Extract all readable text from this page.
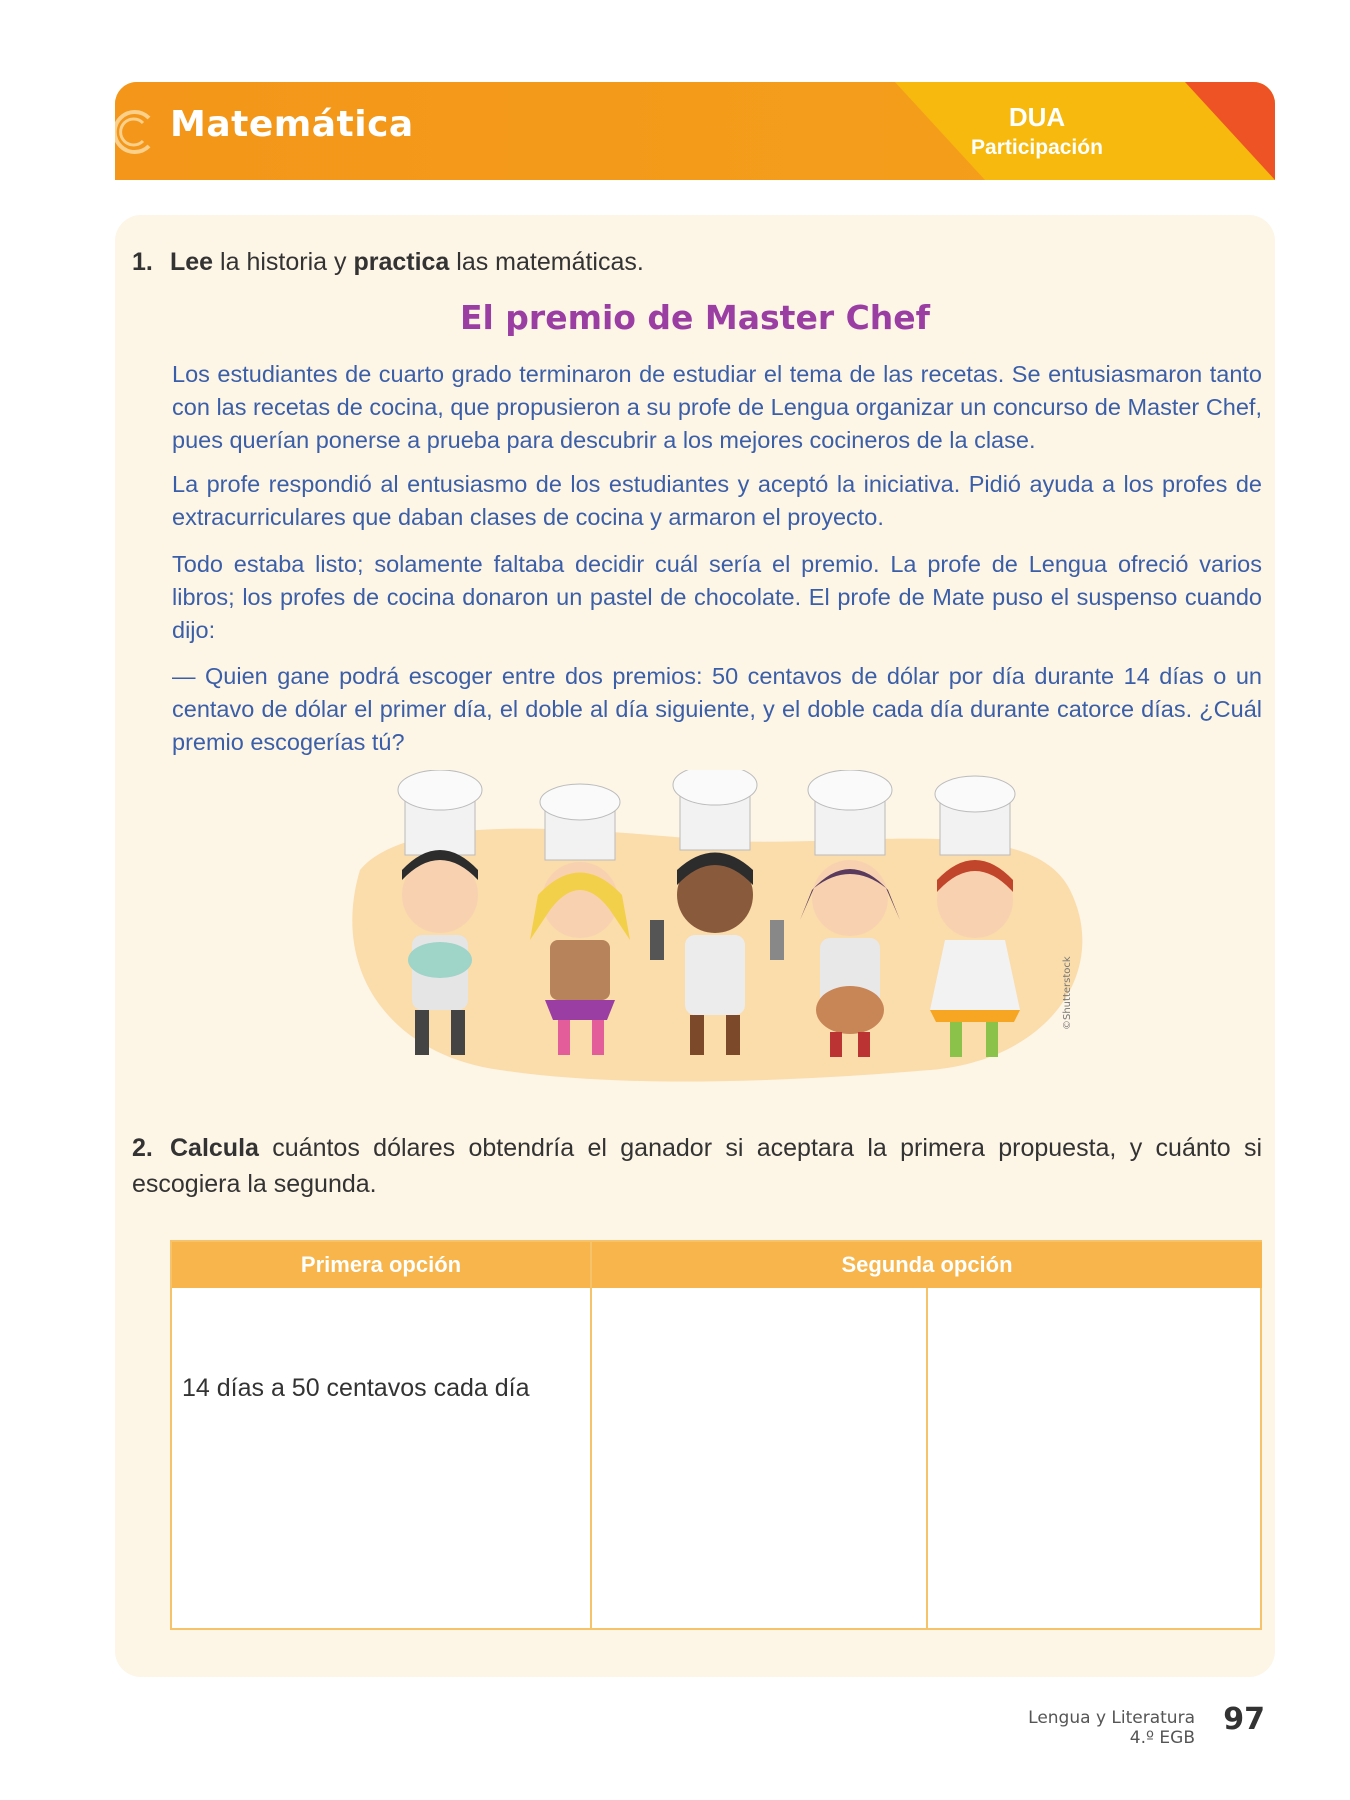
Matemática	DUA
Participación
1. Lee la historia y practica las matemáticas.
El premio de Master Chef
Los estudiantes de cuarto grado terminaron de estudiar el tema de las recetas. Se entusiasmaron tanto con las recetas de cocina, que propusieron a su profe de Lengua organizar un concurso de Master Chef, pues querían ponerse a prueba para descubrir a los mejores cocineros de la clase.
La profe respondió al entusiasmo de los estudiantes y aceptó la iniciativa. Pidió ayuda a los profes de extracurriculares que daban clases de cocina y armaron el proyecto.
Todo estaba listo; solamente faltaba decidir cuál sería el premio. La profe de Lengua ofreció varios libros; los profes de cocina donaron un pastel de chocolate. El profe de Mate puso el suspenso cuando dijo:
— Quien gane podrá escoger entre dos premios: 50 centavos de dólar por día durante 14 días o un centavo de dólar el primer día, el doble al día siguiente, y el doble cada día durante catorce días. ¿Cuál premio escogerías tú?
©Shutterstock
2. Calcula cuántos dólares obtendría el ganador si aceptara la primera propuesta, y cuánto si escogiera la segunda.
Primera opción	Segunda opción
14 días a 50 centavos cada día
Lengua y Literatura
4.º EGB
97
